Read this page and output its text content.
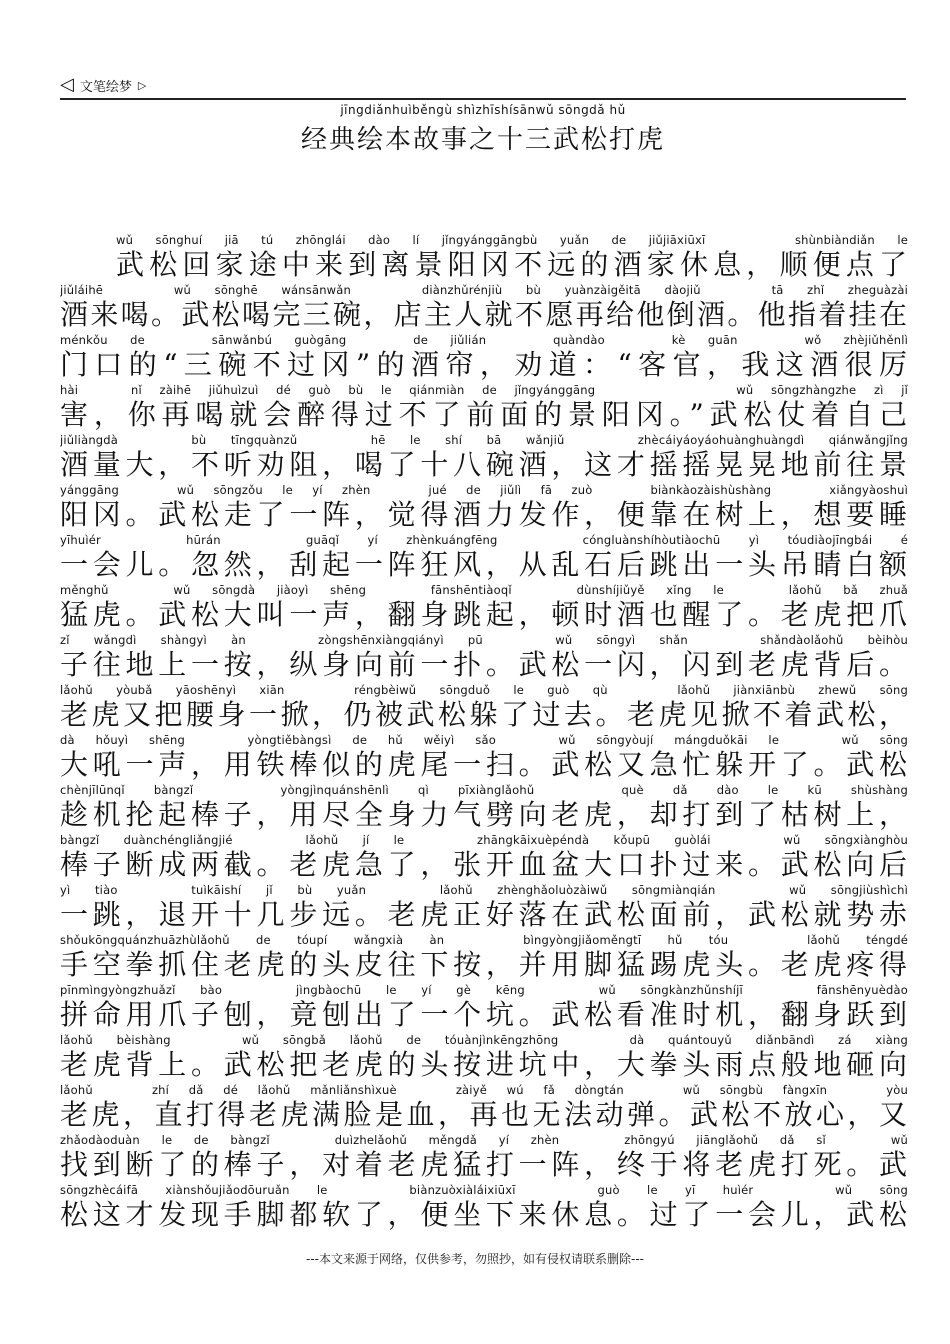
◁ 文笔绘梦 ▷
jīngdiǎnhuìběngù shìzhīshísānwǔ sōngdǎ hǔ
经典绘本故事之十三武松打虎
wǔ sōnghuí jiā tú zhōnglái dào lí jǐngyánggāngbù yuǎn de jiǔjiāxiūxī    shùnbiàndiǎn le
武松回家途中来到离景阳冈不远的酒家休息，顺便点了
jiǔláihē   wǔ sōnghē wánsānwǎn   diànzhǔrénjiù bù yuànzàigěitā dàojiǔ   tā zhǐ zheguàzài
酒来喝。武松喝完三碗，店主人就不愿再给他倒酒。他指着挂在
ménkǒu de   sānwǎnbú guògāng   de jiǔlián   quàndào   kè guān   wǒ zhèjiǔhěnlì
门口的“三碗不过冈”的酒帘，劝道：“客官，我这酒很厉
hài   nǐ zàihē jiǔhuìzuì dé guò bù le qiánmiàn de jǐngyánggāng        wǔ sōngzhàngzhe zì jǐ
害，你再喝就会醉得过不了前面的景阳冈。”武松仗着自己
jiǔliàngdà   bù tīngquànzǔ   hē le shí bā wǎnjiǔ   zhècáiyáoyáohuànghuàngdì qiánwǎngjǐng
酒量大，不听劝阻，喝了十八碗酒，这才摇摇晃晃地前往景
yánggāng   wǔ sōngzǒu le yí zhèn   jué de jiǔlì fā zuò   biànkàozàishùshàng   xiǎngyàoshuì
阳冈。武松走了一阵，觉得酒力发作，便靠在树上，想要睡
yīhuìér   hūrán   guāqǐ yí zhènkuángfēng   cóngluànshíhòutiàochū yì tóudiàojīngbái é
一会儿。忽然，刮起一阵狂风，从乱石后跳出一头吊睛白额
měnghǔ   wǔ sōngdà jiàoyì shēng   fānshēntiàoqǐ   dùnshíjiǔyě xǐng le   lǎohǔ bǎ zhuǎ
猛虎。武松大叫一声，翻身跳起，顿时酒也醒了。老虎把爪
zǐ wǎngdì shàngyì àn   zòngshēnxiàngqiányì pū   wǔ sōngyì shǎn   shǎndàolǎohǔ bèihòu
子往地上一按，纵身向前一扑。武松一闪，闪到老虎背后。
lǎohǔ yòubǎ yāoshēnyì xiān   réngbèiwǔ sōngduǒ le guò qù   lǎohǔ jiànxiānbù zhewǔ sōng
老虎又把腰身一掀，仍被武松躲了过去。老虎见掀不着武松，
dà hǒuyì shēng   yòngtiěbàngsì de hǔ wěiyì sǎo   wǔ sōngyòují mángduǒkāi le   wǔ sōng
大吼一声，用铁棒似的虎尾一扫。武松又急忙躲开了。武松
chènjīlūnqǐ bàngzǐ   yòngjìnquánshēnlì qì pīxiànglǎohǔ   què dǎ dào le kū shùshàng
趁机抡起棒子，用尽全身力气劈向老虎，却打到了枯树上，
bàngzǐ duànchéngliǎngjié   lǎohǔ jí le   zhāngkāixuèpéndà kǒupū guòlái   wǔ sōngxiànghòu
棒子断成两截。老虎急了，张开血盆大口扑过来。武松向后
yì tiào   tuìkāishí jǐ bù yuǎn   lǎohǔ zhènghǎoluòzàiwǔ sōngmiànqián   wǔ sōngjiùshìchì
一跳，退开十几步远。老虎正好落在武松面前，武松就势赤
shǒukōngquánzhuāzhùlǎohǔ de tóupí wǎngxià àn   bìngyòngjiǎoměngtī hǔ tóu   lǎohǔ téngdé
手空拳抓住老虎的头皮往下按，并用脚猛踢虎头。老虎疼得
pīnmìngyòngzhuǎzǐ bào   jìngbàochū le yí gè kēng   wǔ sōngkànzhǔnshíjī   fānshēnyuèdào
拼命用爪子刨，竟刨出了一个坑。武松看准时机，翻身跃到
lǎohǔ bèishàng   wǔ sōngbǎ lǎohǔ de tóuànjìnkēngzhōng   dà quántouyǔ diǎnbāndì zá xiàng
老虎背上。武松把老虎的头按进坑中，大拳头雨点般地砸向
lǎohǔ   zhí dǎ dé lǎohǔ mǎnliǎnshìxuè   zàiyě wú fǎ dòngtán   wǔ sōngbù fàngxīn   yòu
老虎，直打得老虎满脸是血，再也无法动弹。武松不放心，又
zhǎodàoduàn le de bàngzǐ   duìzhelǎohǔ měngdǎ yí zhèn   zhōngyú jiānglǎohǔ dǎ sǐ   wǔ
找到断了的棒子，对着老虎猛打一阵，终于将老虎打死。武
sōngzhècáifā xiànshǒujiǎodōuruǎn le   biànzuòxiàláixiūxī   guò le yī huìér   wǔ sōng
松这才发现手脚都软了，便坐下来休息。过了一会儿，武松
---本文来源于网络，仅供参考，勿照抄，如有侵权请联系删除---
